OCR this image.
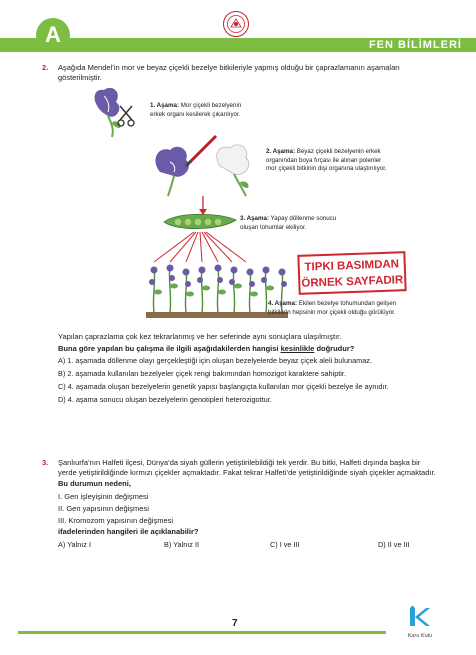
A	FEN BİLİMLERİ
2. Aşağıda Mendel’in mor ve beyaz çiçekli bezelye bitkileriyle yapmış olduğu bir çaprazlamanın aşamaları gösterilmiştir.
1. Aşama: Mor çiçekli bezelyenin erkek organı kesilerek çıkarılıyor.
2. Aşama: Beyaz çiçekli bezelyenin erkek organından boya fırçası ile alınan polenler mor çiçekli bitkinin dişi organına ulaştırılıyor.
3. Aşama: Yapay döllenme sonucu oluşan tohumlar ekiliyor.
TIPKI BASIMDAN
ÖRNEK SAYFADIR
4. Aşama: Ekilen bezelye tohumundan gelişen bitkilerin hepsinin mor çiçekli olduğu görülüyor.
Yapılan çaprazlama çok kez tekrarlanmış ve her seferinde aynı sonuçlara ulaşılmıştır.
Buna göre yapılan bu çalışma ile ilgili aşağıdakilerden hangisi kesinlikle doğrudur?
A) 1. aşamada döllenme olayı gerçekleştiği için oluşan bezelyelerde beyaz çiçek aleli bulunamaz.
B) 2. aşamada kullanılan bezelyeler çiçek rengi bakımından homozigot karaktere sahiptir.
C) 4. aşamada oluşan bezelyelerin genetik yapısı başlangıçta kullanılan mor çiçekli bezelye ile aynıdır.
D) 4. aşama sonucu oluşan bezelyelerin genotipleri heterozigottur.
3. Şanlıurfa’nın Halfeti ilçesi, Dünya’da siyah güllerin yetiştirilebildiği tek yerdir. Bu bitki, Halfeti dışında başka bir yerde yetiştirildiğinde kırmızı çiçekler açmaktadır. Fakat tekrar Halfeti’de yetiştirildiğinde siyah çiçekler açmaktadır.
Bu durumun nedeni,
I. Gen işleyişinin değişmesi
II. Gen yapısının değişmesi
III. Kromozom yapısının değişmesi
ifadelerinden hangileri ile açıklanabilir?
A) Yalnız I	B) Yalnız II	C) I ve III	D) II ve III
7
Karu Kutu
